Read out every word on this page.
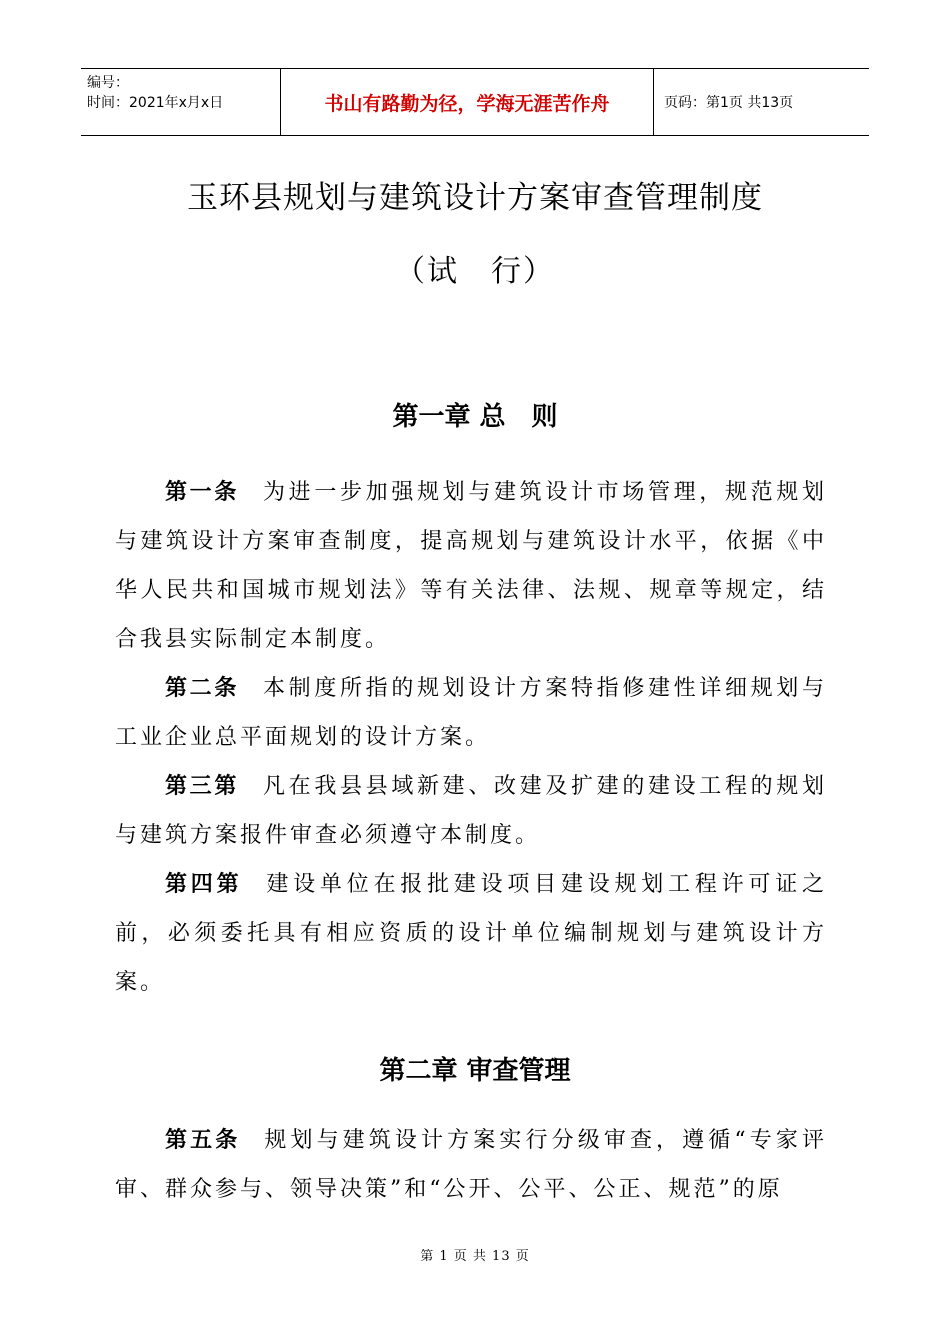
编号：
时间：2021年x月x日	书山有路勤为径，学海无涯苦作舟	页码：第1页 共13页
玉环县规划与建筑设计方案审查管理制度
（试　行）
第一章 总　则

第一条 为进一步加强规划与建筑设计市场管理，规范规划与建筑设计方案审查制度，提高规划与建筑设计水平，依据《中华人民共和国城市规划法》等有关法律、法规、规章等规定，结合我县实际制定本制度。

第二条 本制度所指的规划设计方案特指修建性详细规划与工业企业总平面规划的设计方案。

第三第 凡在我县县域新建、改建及扩建的建设工程的规划与建筑方案报件审查必须遵守本制度。

第四第 建设单位在报批建设项目建设规划工程许可证之前，必须委托具有相应资质的设计单位编制规划与建筑设计方案。

第二章 审查管理

第五条 规划与建筑设计方案实行分级审查，遵循“专家评审、群众参与、领导决策”和“公开、公平、公正、规范”的原

第 1 页 共 13 页
